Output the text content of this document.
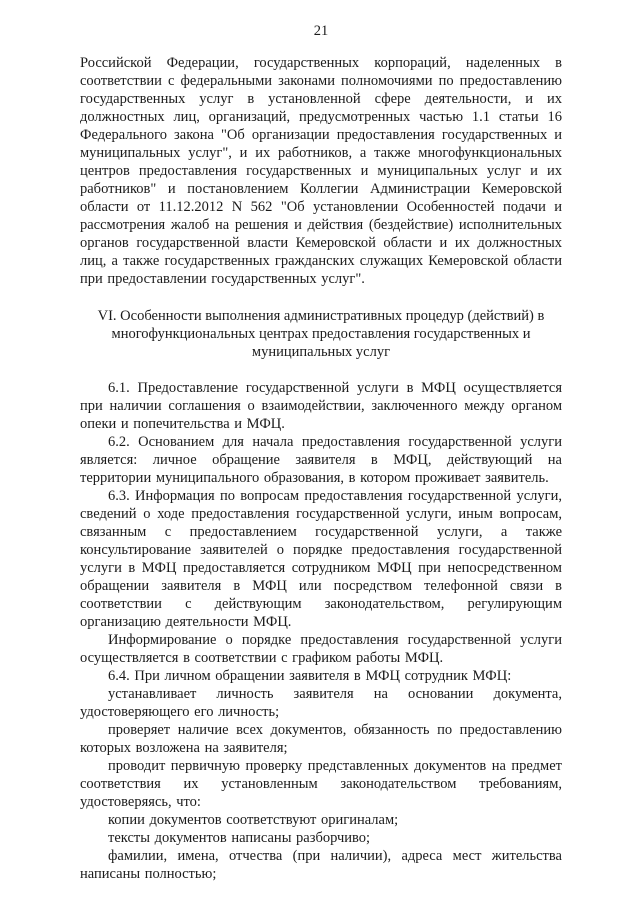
21

Российской Федерации, государственных корпораций, наделенных в соответствии с федеральными законами полномочиями по предоставлению государственных услуг в установленной сфере деятельности, и их должностных лиц, организаций, предусмотренных частью 1.1 статьи 16 Федерального закона "Об организации предоставления государственных и муниципальных услуг", и их работников, а также многофункциональных центров предоставления государственных и муниципальных услуг и их работников" и постановлением Коллегии Администрации Кемеровской области от 11.12.2012 N 562 "Об установлении Особенностей подачи и рассмотрения жалоб на решения и действия (бездействие) исполнительных органов государственной власти Кемеровской области и их должностных лиц, а также государственных гражданских служащих Кемеровской области при предоставлении государственных услуг".

VI. Особенности выполнения административных процедур (действий) в многофункциональных центрах предоставления государственных и муниципальных услуг

6.1. Предоставление государственной услуги в МФЦ осуществляется при наличии соглашения о взаимодействии, заключенного между органом опеки и попечительства и МФЦ.

6.2. Основанием для начала предоставления государственной услуги является: личное обращение заявителя в МФЦ, действующий на территории муниципального образования, в котором проживает заявитель.

6.3. Информация по вопросам предоставления государственной услуги, сведений о ходе предоставления государственной услуги, иным вопросам, связанным с предоставлением государственной услуги, а также консультирование заявителей о порядке предоставления государственной услуги в МФЦ предоставляется сотрудником МФЦ при непосредственном обращении заявителя в МФЦ или посредством телефонной связи в соответствии с действующим законодательством, регулирующим организацию деятельности МФЦ.

Информирование о порядке предоставления государственной услуги осуществляется в соответствии с графиком работы МФЦ.

6.4. При личном обращении заявителя в МФЦ сотрудник МФЦ:

устанавливает личность заявителя на основании документа, удостоверяющего его личность;

проверяет наличие всех документов, обязанность по предоставлению которых возложена на заявителя;

проводит первичную проверку представленных документов на предмет соответствия их установленным законодательством требованиям, удостоверяясь, что:

копии документов соответствуют оригиналам;

тексты документов написаны разборчиво;

фамилии, имена, отчества (при наличии), адреса мест жительства написаны полностью;
